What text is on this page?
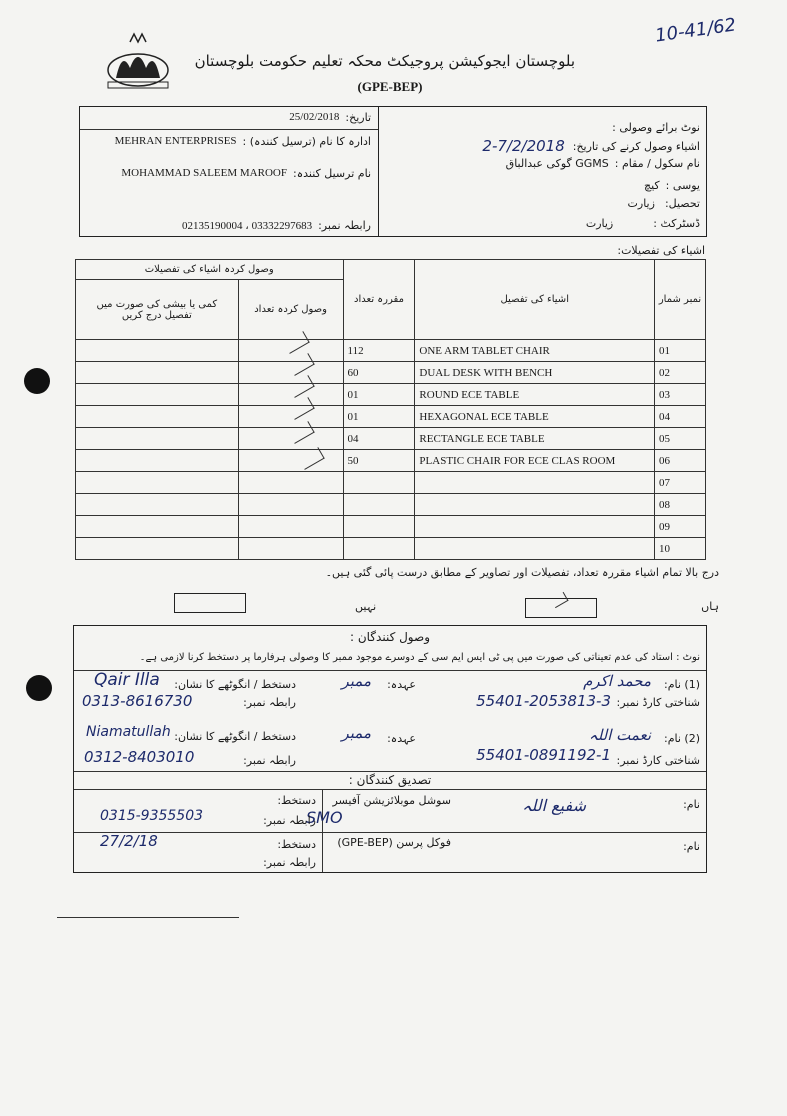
10-41/62
بلوچستان ایجوکیشن پروجیکٹ محکہ تعلیم حکومت بلوچستان
(GPE-BEP)
تاریخ:
25/02/2018
ادارہ کا نام (ترسیل کنندہ) :
MEHRAN ENTERPRISES
نام ترسیل کنندہ:
MOHAMMAD SALEEM MAROOF
رابطہ نمبر:
03332297683 ، 02135190004
نوٹ برائے وصولی :
اشیاء وصول کرنے کی تاریخ:
2-7/2/2018
نام سکول / مقام :
GGMS گوکی عبدالباق
یوسی :
کیچ
تحصیل:
زیارت
ڈسٹرکٹ :
زیارت
اشیاء کی تفصیلات:
وصول کردہ اشیاء کی تفصیلات		مقررہ تعداد	اشیاء کی تفصیل	نمبر شمار
کمی یا بیشی کی صورت میں تفصیل درج کریں	وصول کردہ تعداد			
		112	ONE ARM TABLET CHAIR	01
		60	DUAL DESK WITH BENCH	02
		01	ROUND ECE TABLE	03
		01	HEXAGONAL ECE TABLE	04
		04	RECTANGLE ECE TABLE	05
		50	PLASTIC CHAIR FOR ECE CLAS ROOM	06
				07
				08
				09
				10
درج بالا تمام اشیاء مقررہ تعداد، تفصیلات اور تصاویر کے مطابق درست پائی گئی ہیں۔
ہاں
نہیں
وصول کنندگان :
نوٹ : استاد کی عدم تعیناتی کی صورت میں پی ٹی ایس ایم سی کے دوسرے موجود ممبر کا وصولی ہرفارما پر دستخط کرنا لازمی ہے۔
(1) نام:
محمد اکرم
شناختی کارڈ نمبر:
55401-2053813-3
عہدہ:
ممبر
دستخط / انگوٹھے کا نشان:
Qair Illa
رابطہ نمبر:
0313-8616730
(2) نام:
نعمت اللہ
شناختی کارڈ نمبر:
55401-0891192-1
عہدہ:
ممبر
دستخط / انگوٹھے کا نشان:
Niamatullah
رابطہ نمبر:
0312-8403010
تصدیق کنندگان :
نام:
شفیع اللہ
سوشل موبلائزیشن آفیسر
SMO
دستخط:
رابطہ نمبر:
0315-9355503
نام:
فوکل پرسن (GPE-BEP)
دستخط:
27/2/18
رابطہ نمبر:
